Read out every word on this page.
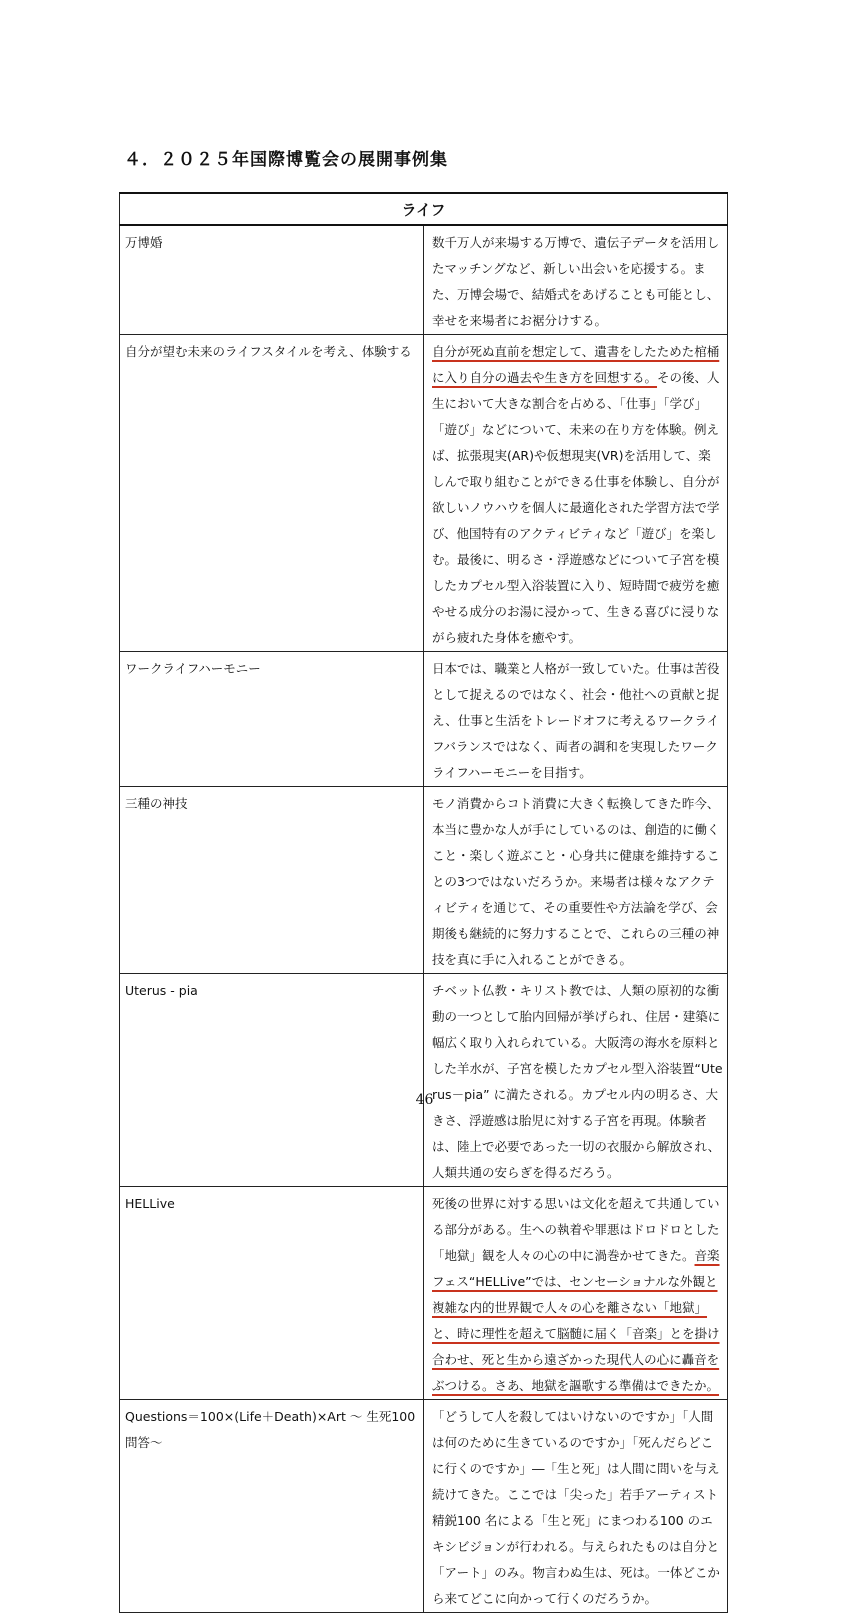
４．２０２５年国際博覧会の展開事例集
ライフ	
万博婚	数千万人が来場する万博で、遺伝子データを活用したマッチングなど、新しい出会いを応援する。また、万博会場で、結婚式をあげることも可能とし、幸せを来場者にお裾分けする。
自分が望む未来のライフスタイルを考え、体験する	自分が死ぬ直前を想定して、遺書をしたためた棺桶に入り自分の過去や生き方を回想する。その後、人生において大きな割合を占める、「仕事」「学び」「遊び」などについて、未来の在り方を体験。例えば、拡張現実(AR)や仮想現実(VR)を活用して、楽しんで取り組むことができる仕事を体験し、自分が欲しいノウハウを個人に最適化された学習方法で学び、他国特有のアクティビティなど「遊び」を楽しむ。最後に、明るさ・浮遊感などについて子宮を模したカプセル型入浴装置に入り、短時間で疲労を癒やせる成分のお湯に浸かって、生きる喜びに浸りながら疲れた身体を癒やす。
ワークライフハーモニー	日本では、職業と人格が一致していた。仕事は苦役として捉えるのではなく、社会・他社への貢献と捉え、仕事と生活をトレードオフに考えるワークライフバランスではなく、両者の調和を実現したワークライフハーモニーを目指す。
三種の神技	モノ消費からコト消費に大きく転換してきた昨今、本当に豊かな人が手にしているのは、創造的に働くこと・楽しく遊ぶこと・心身共に健康を維持することの3つではないだろうか。来場者は様々なアクティビティを通じて、その重要性や方法論を学び、会期後も継続的に努力することで、これらの三種の神技を真に手に入れることができる。
Uterus - pia	チベット仏教・キリスト教では、人類の原初的な衝動の一つとして胎内回帰が挙げられ、住居・建築に幅広く取り入れられている。大阪湾の海水を原料とした羊水が、子宮を模したカプセル型入浴装置“Uterus－pia” に満たされる。カプセル内の明るさ、大きさ、浮遊感は胎児に対する子宮を再現。体験者は、陸上で必要であった一切の衣服から解放され、人類共通の安らぎを得るだろう。
HELLive	死後の世界に対する思いは文化を超えて共通している部分がある。生への執着や罪悪はドロドロとした「地獄」観を人々の心の中に渦巻かせてきた。音楽フェス“HELLive”では、センセーショナルな外観と複雑な内的世界観で人々の心を離さない「地獄」と、時に理性を超えて脳髄に届く「音楽」とを掛け合わせ、死と生から遠ざかった現代人の心に轟音をぶつける。さあ、地獄を謳歌する準備はできたか。
Questions＝100×(Life＋Death)×Art ～ 生死100 問答～	「どうして人を殺してはいけないのですか」「人間は何のために生きているのですか」「死んだらどこに行くのですか」―「生と死」は人間に問いを与え続けてきた。ここでは「尖った」若手アーティスト精鋭100 名による「生と死」にまつわる100 のエキシビジョンが行われる。与えられたものは自分と「アート」のみ。物言わぬ生は、死は。一体どこから来てどこに向かって行くのだろうか。
46
